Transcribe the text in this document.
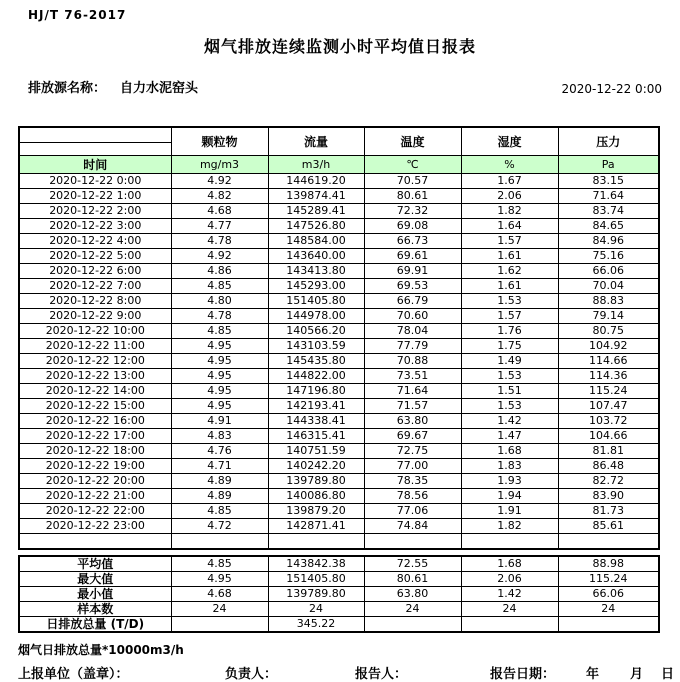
HJ/T 76-2017
烟气排放连续监测小时平均值日报表
排放源名称： 自力水泥窑头	2020-12-22 0:00
	颗粒物	流量	温度	湿度	压力

时间	mg/m3	m3/h	℃	%	Pa
2020-12-22 0:00	4.92	144619.20	70.57	1.67	83.15
2020-12-22 1:00	4.82	139874.41	80.61	2.06	71.64
2020-12-22 2:00	4.68	145289.41	72.32	1.82	83.74
2020-12-22 3:00	4.77	147526.80	69.08	1.64	84.65
2020-12-22 4:00	4.78	148584.00	66.73	1.57	84.96
2020-12-22 5:00	4.92	143640.00	69.61	1.61	75.16
2020-12-22 6:00	4.86	143413.80	69.91	1.62	66.06
2020-12-22 7:00	4.85	145293.00	69.53	1.61	70.04
2020-12-22 8:00	4.80	151405.80	66.79	1.53	88.83
2020-12-22 9:00	4.78	144978.00	70.60	1.57	79.14
2020-12-22 10:00	4.85	140566.20	78.04	1.76	80.75
2020-12-22 11:00	4.95	143103.59	77.79	1.75	104.92
2020-12-22 12:00	4.95	145435.80	70.88	1.49	114.66
2020-12-22 13:00	4.95	144822.00	73.51	1.53	114.36
2020-12-22 14:00	4.95	147196.80	71.64	1.51	115.24
2020-12-22 15:00	4.95	142193.41	71.57	1.53	107.47
2020-12-22 16:00	4.91	144338.41	63.80	1.42	103.72
2020-12-22 17:00	4.83	146315.41	69.67	1.47	104.66
2020-12-22 18:00	4.76	140751.59	72.75	1.68	81.81
2020-12-22 19:00	4.71	140242.20	77.00	1.83	86.48
2020-12-22 20:00	4.89	139789.80	78.35	1.93	82.72
2020-12-22 21:00	4.89	140086.80	78.56	1.94	83.90
2020-12-22 22:00	4.85	139879.20	77.06	1.91	81.73
2020-12-22 23:00	4.72	142871.41	74.84	1.82	85.61

平均值	4.85	143842.38	72.55	1.68	88.98
最大值	4.95	151405.80	80.61	2.06	115.24
最小值	4.68	139789.80	63.80	1.42	66.06
样本数	24	24	24	24	24
日排放总量 (T/D)		345.22			
烟气日排放总量*10000m3/h
上报单位（盖章）：	负责人：	报告人：	报告日期： 年 月 日
